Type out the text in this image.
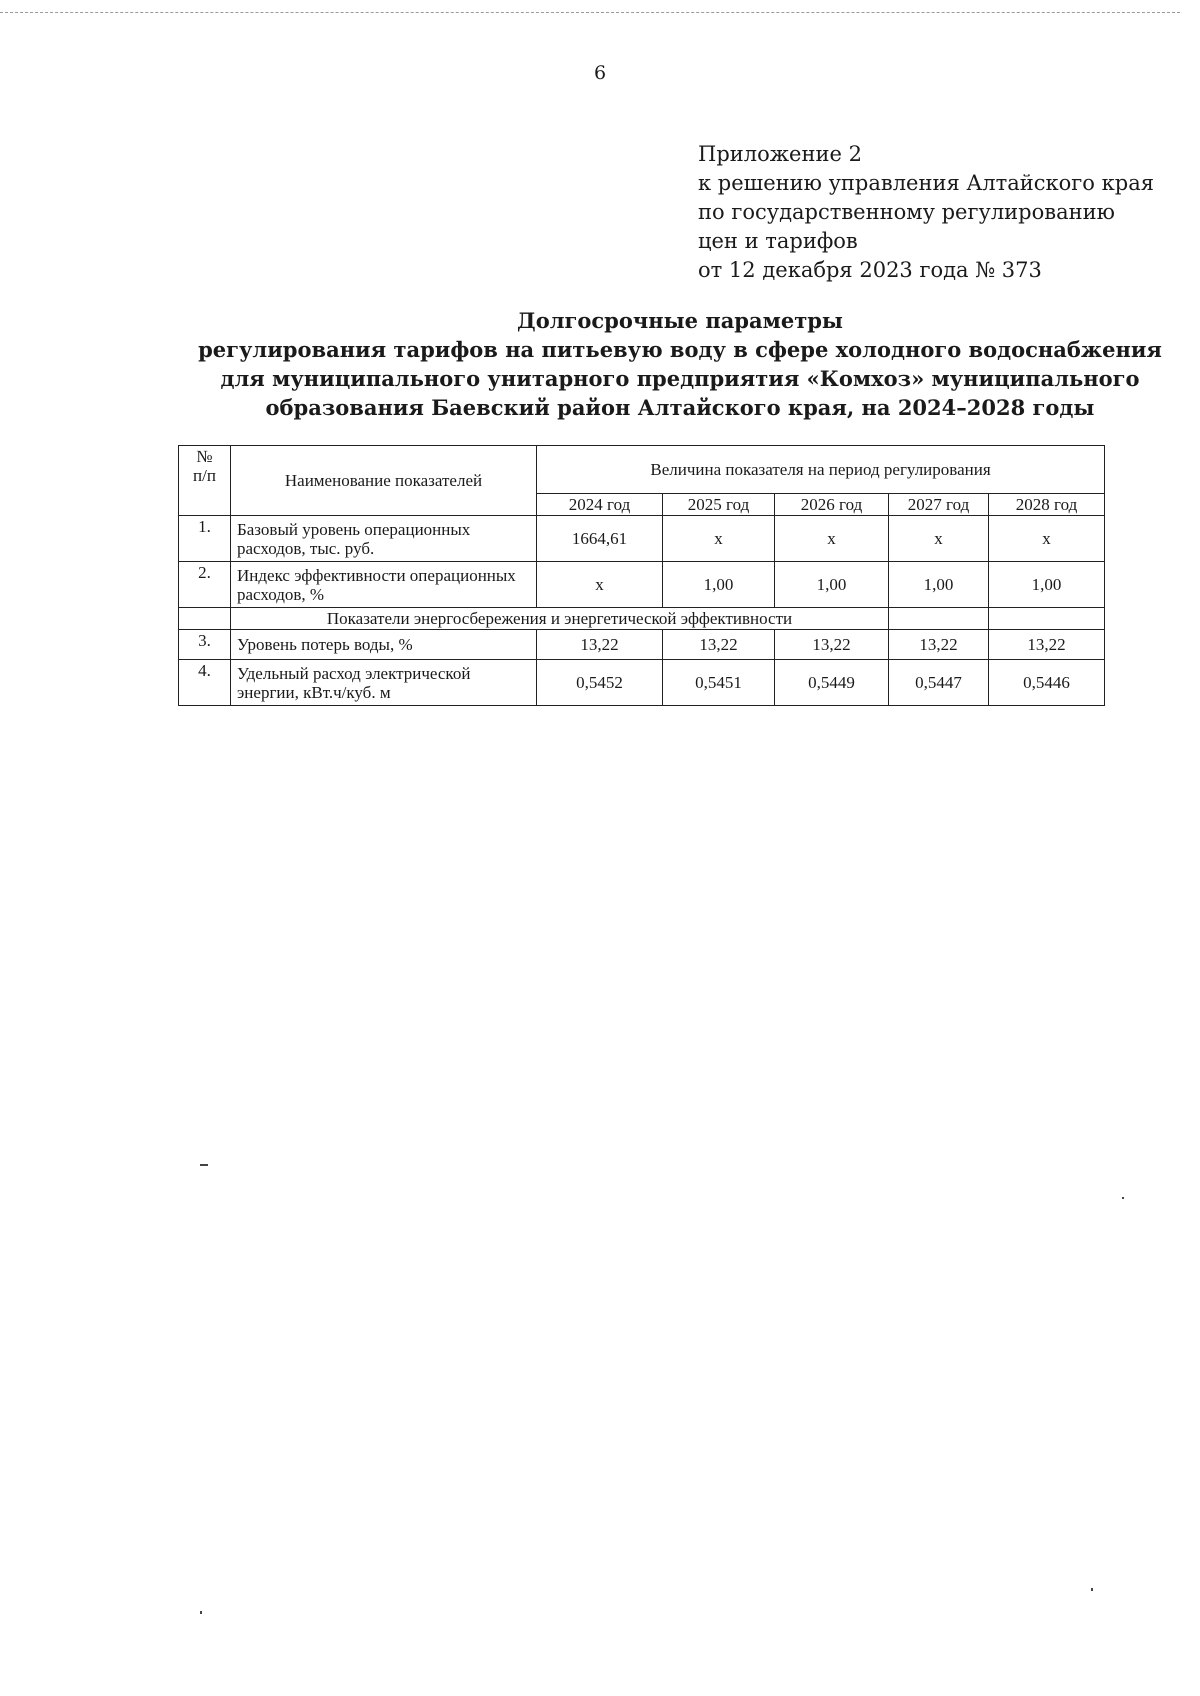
6
Приложение 2
к решению управления Алтайского края
по государственному регулированию
цен и тарифов
от 12 декабря 2023 года № 373
Долгосрочные параметры
регулирования тарифов на питьевую воду в сфере холодного водоснабжения
для муниципального унитарного предприятия «Комхоз» муниципального
образования Баевский район Алтайского края, на 2024–2028 годы
№
п/п	Наименование показателей	Величина показателя на период регулирования				
		2024 год	2025 год	2026 год	2027 год	2028 год
1.	Базовый уровень операционных расходов, тыс. руб.	1664,61	х	х	х	х
2.	Индекс эффективности операционных расходов, %	х	1,00	1,00	1,00	1,00
	Показатели энергосбережения и энергетической эффективности					
3.	Уровень потерь воды, %	13,22	13,22	13,22	13,22	13,22
4.	Удельный расход электрической энергии, кВт.ч/куб. м	0,5452	0,5451	0,5449	0,5447	0,5446
